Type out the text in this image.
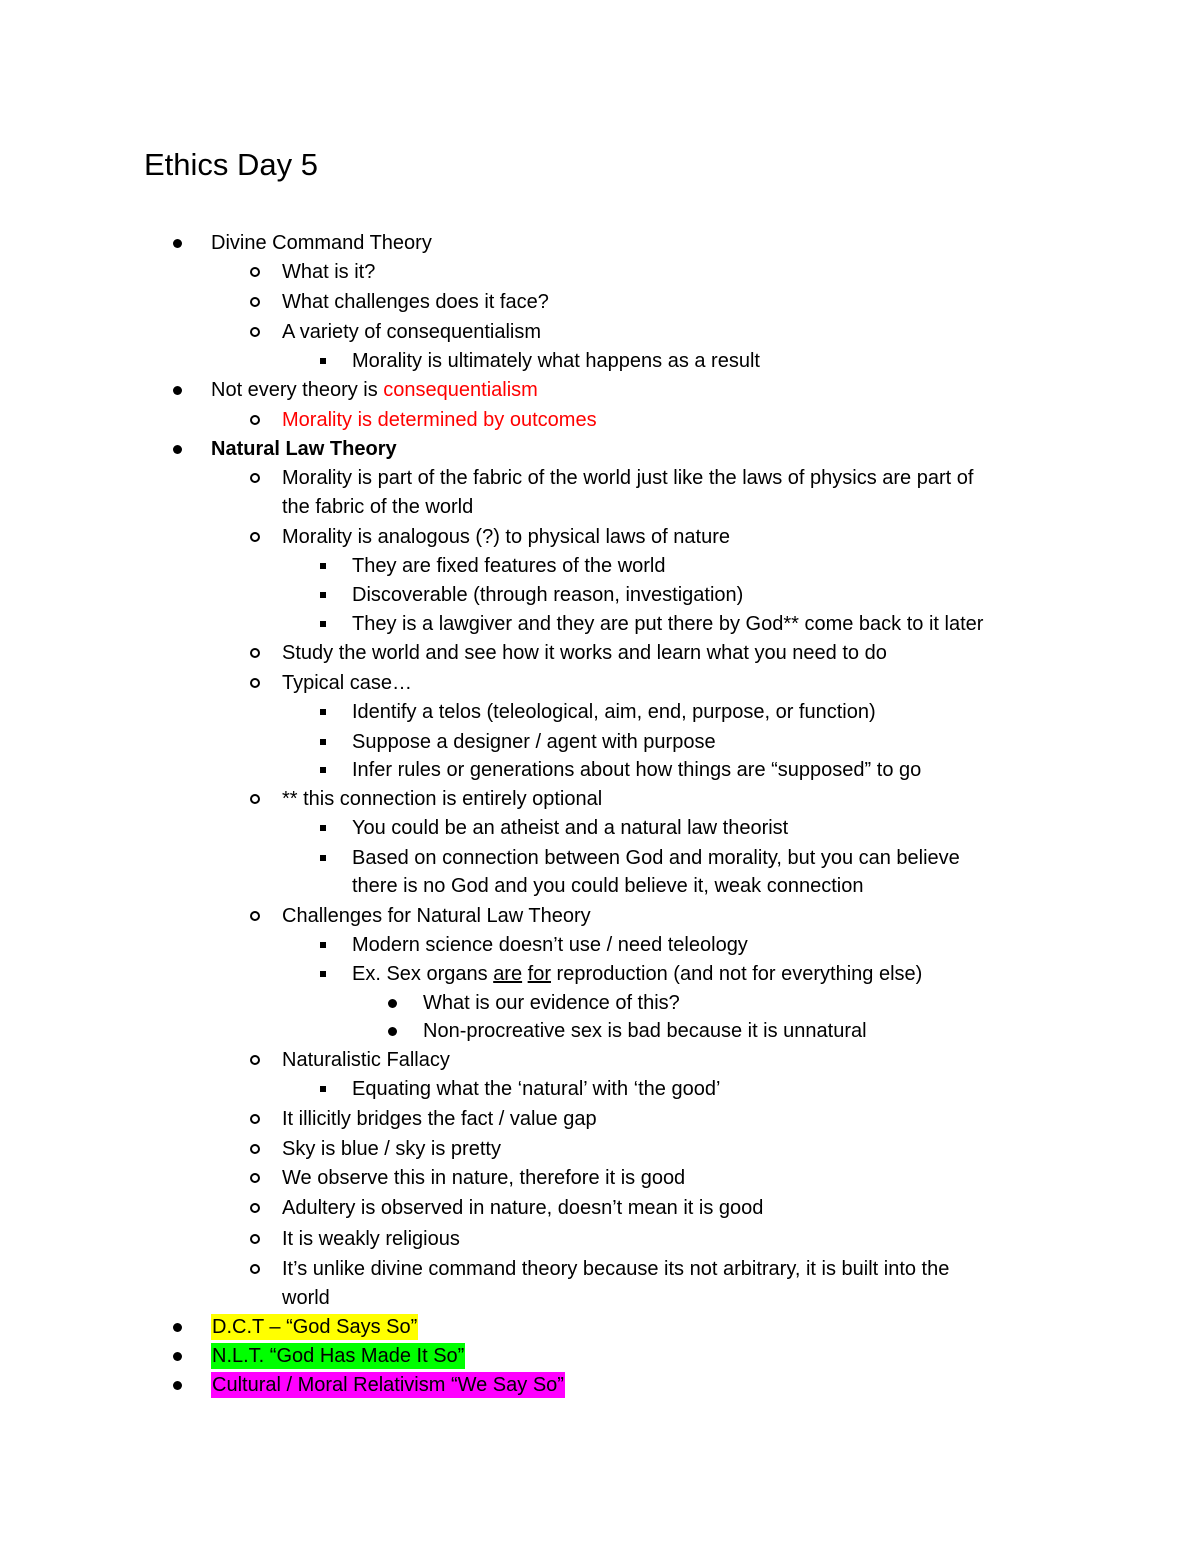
Ethics Day 5
Divine Command Theory
What is it?
What challenges does it face?
A variety of consequentialism
Morality is ultimately what happens as a result
Not every theory is consequentialism
Morality is determined by outcomes
Natural Law Theory
Morality is part of the fabric of the world just like the laws of physics are part of
the fabric of the world
Morality is analogous (?) to physical laws of nature
They are fixed features of the world
Discoverable (through reason, investigation)
They is a lawgiver and they are put there by God** come back to it later
Study the world and see how it works and learn what you need to do
Typical case…
Identify a telos (teleological, aim, end, purpose, or function)
Suppose a designer / agent with purpose
Infer rules or generations about how things are “supposed” to go
** this connection is entirely optional
You could be an atheist and a natural law theorist
Based on connection between God and morality, but you can believe
there is no God and you could believe it, weak connection
Challenges for Natural Law Theory
Modern science doesn’t use / need teleology
Ex. Sex organs are for reproduction (and not for everything else)
What is our evidence of this?
Non-procreative sex is bad because it is unnatural
Naturalistic Fallacy
Equating what the ‘natural’ with ‘the good’
It illicitly bridges the fact / value gap
Sky is blue / sky is pretty
We observe this in nature, therefore it is good
Adultery is observed in nature, doesn’t mean it is good
It is weakly religious
It’s unlike divine command theory because its not arbitrary, it is built into the
world
D.C.T – “God Says So”
N.L.T. “God Has Made It So”
Cultural / Moral Relativism “We Say So”
